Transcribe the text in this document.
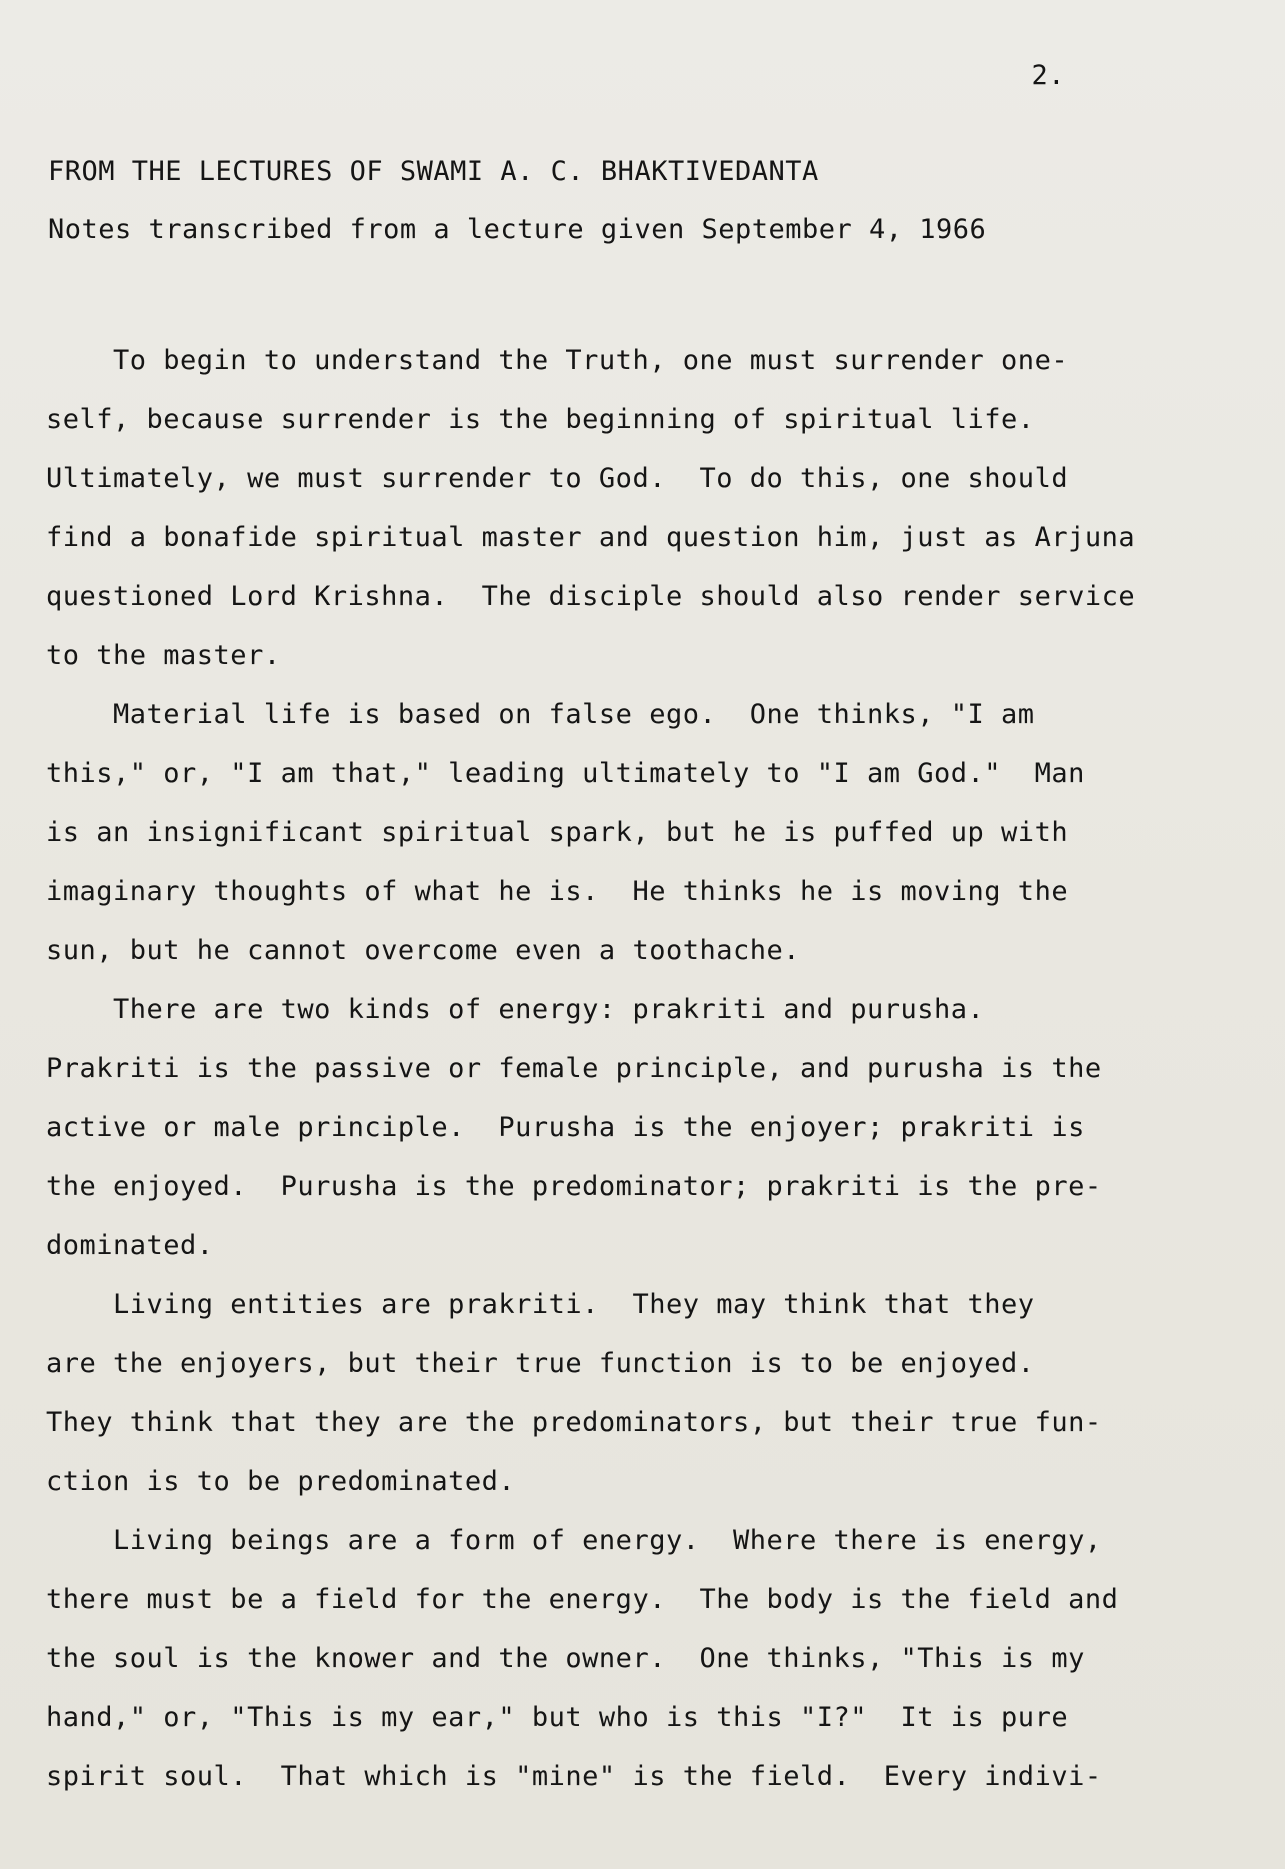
2.
FROM THE LECTURES OF SWAMI A. C. BHAKTIVEDANTA
Notes transcribed from a lecture given September 4, 1966
To begin to understand the Truth, one must surrender one-
self, because surrender is the beginning of spiritual life.
Ultimately, we must surrender to God.  To do this, one should
find a bonafide spiritual master and question him, just as Arjuna
questioned Lord Krishna.  The disciple should also render service
to the master.
Material life is based on false ego.  One thinks, "I am
this," or, "I am that," leading ultimately to "I am God."  Man
is an insignificant spiritual spark, but he is puffed up with
imaginary thoughts of what he is.  He thinks he is moving the
sun, but he cannot overcome even a toothache.
There are two kinds of energy: prakriti and purusha.
Prakriti is the passive or female principle, and purusha is the
active or male principle.  Purusha is the enjoyer; prakriti is
the enjoyed.  Purusha is the predominator; prakriti is the pre-
dominated.
Living entities are prakriti.  They may think that they
are the enjoyers, but their true function is to be enjoyed.
They think that they are the predominators, but their true fun-
ction is to be predominated.
Living beings are a form of energy.  Where there is energy,
there must be a field for the energy.  The body is the field and
the soul is the knower and the owner.  One thinks, "This is my
hand," or, "This is my ear," but who is this "I?"  It is pure
spirit soul.  That which is "mine" is the field.  Every indivi-
